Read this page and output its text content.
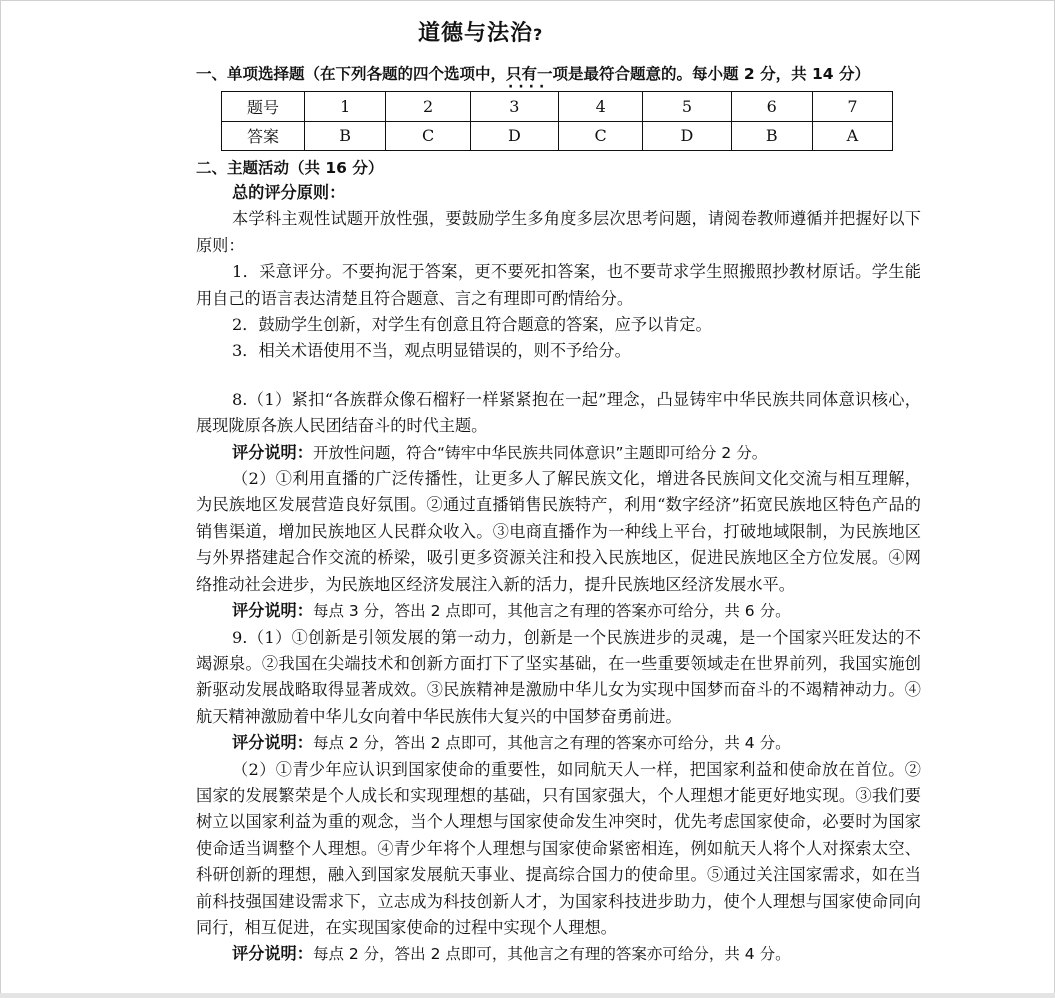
道德与法治?
一、单项选择题（在下列各题的四个选项中，只有一项 ····是最符合题意的。每小题 2 分，共 14 分）
题号	1	2	3	4	5	6	7
答案	B	C	D	C	D	B	A
二、主题活动（共 16 分）

总的评分原则：

本学科主观性试题开放性强，要鼓励学生多角度多层次思考问题，请阅卷教师遵循并把握好以下原则：

1．采意评分。不要拘泥于答案，更不要死扣答案，也不要苛求学生照搬照抄教材原话。学生能用自己的语言表达清楚且符合题意、言之有理即可酌情给分。

2．鼓励学生创新，对学生有创意且符合题意的答案，应予以肯定。

3．相关术语使用不当，观点明显错误的，则不予给分。

8.（1）紧扣“各族群众像石榴籽一样紧紧抱在一起”理念，凸显铸牢中华民族共同体意识核心，展现陇原各族人民团结奋斗的时代主题。

评分说明：开放性问题，符合“铸牢中华民族共同体意识”主题即可给分 2 分。

（2）①利用直播的广泛传播性，让更多人了解民族文化，增进各民族间文化交流与相互理解，为民族地区发展营造良好氛围。②通过直播销售民族特产，利用“数字经济”拓宽民族地区特色产品的销售渠道，增加民族地区人民群众收入。③电商直播作为一种线上平台，打破地域限制，为民族地区与外界搭建起合作交流的桥梁，吸引更多资源关注和投入民族地区，促进民族地区全方位发展。④网络推动社会进步，为民族地区经济发展注入新的活力，提升民族地区经济发展水平。

评分说明：每点 3 分，答出 2 点即可，其他言之有理的答案亦可给分，共 6 分。

9.（1）①创新是引领发展的第一动力，创新是一个民族进步的灵魂，是一个国家兴旺发达的不竭源泉。②我国在尖端技术和创新方面打下了坚实基础，在一些重要领域走在世界前列，我国实施创新驱动发展战略取得显著成效。③民族精神是激励中华儿女为实现中国梦而奋斗的不竭精神动力。④航天精神激励着中华儿女向着中华民族伟大复兴的中国梦奋勇前进。

评分说明：每点 2 分，答出 2 点即可，其他言之有理的答案亦可给分，共 4 分。

（2）①青少年应认识到国家使命的重要性，如同航天人一样，把国家利益和使命放在首位。②国家的发展繁荣是个人成长和实现理想的基础，只有国家强大，个人理想才能更好地实现。③我们要树立以国家利益为重的观念，当个人理想与国家使命发生冲突时，优先考虑国家使命，必要时为国家使命适当调整个人理想。④青少年将个人理想与国家使命紧密相连，例如航天人将个人对探索太空、科研创新的理想，融入到国家发展航天事业、提高综合国力的使命里。⑤通过关注国家需求，如在当前科技强国建设需求下，立志成为科技创新人才，为国家科技进步助力，使个人理想与国家使命同向同行，相互促进，在实现国家使命的过程中实现个人理想。

评分说明：每点 2 分，答出 2 点即可，其他言之有理的答案亦可给分，共 4 分。
